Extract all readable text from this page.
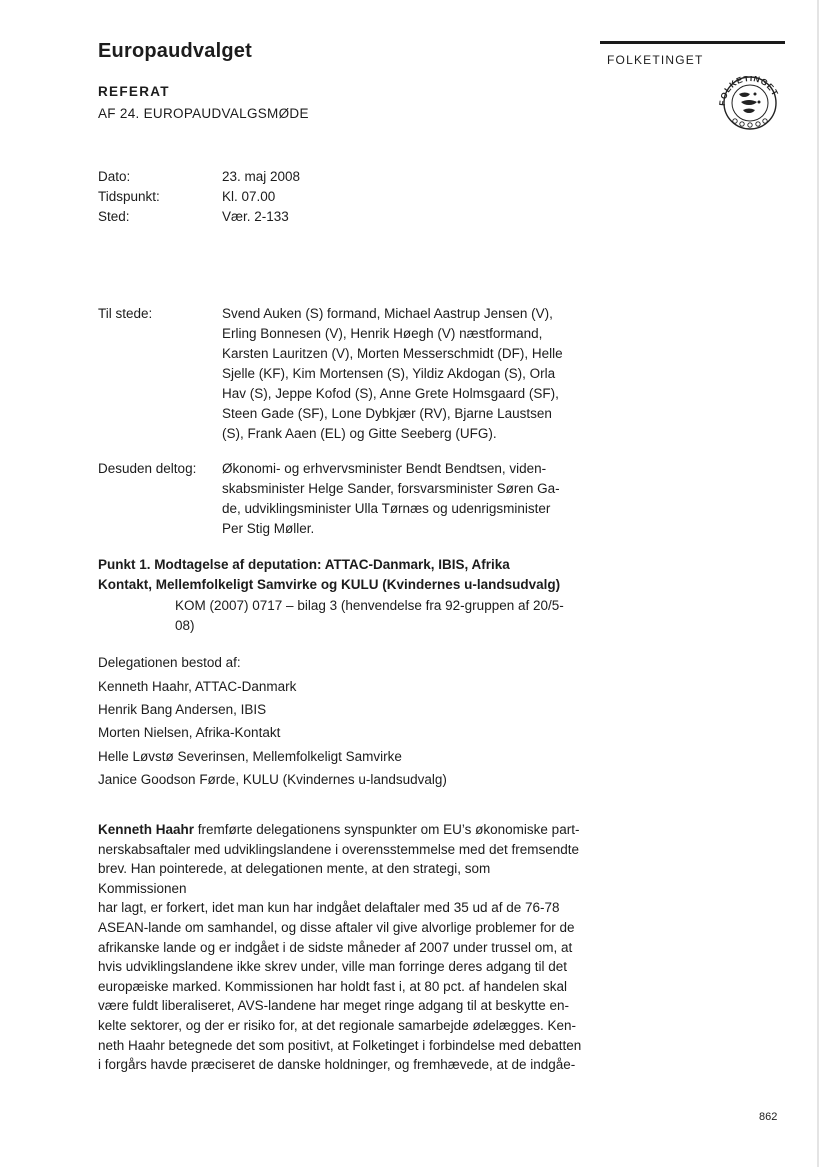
Europaudvalget	FOLKETINGET
FOLKETINGET
REFERAT
AF 24. EUROPAUDVALGSMØDE
Dato:	23. maj 2008
Tidspunkt:	Kl. 07.00
Sted:	Vær. 2-133
Til stede:	Svend Auken (S) formand, Michael Aastrup Jensen (V),
Erling Bonnesen (V), Henrik Høegh (V) næstformand,
Karsten Lauritzen (V), Morten Messerschmidt (DF), Helle
Sjelle (KF), Kim Mortensen (S), Yildiz Akdogan (S), Orla
Hav (S), Jeppe Kofod (S), Anne Grete Holmsgaard (SF),
Steen Gade (SF), Lone Dybkjær (RV), Bjarne Laustsen
(S), Frank Aaen (EL) og Gitte Seeberg (UFG).
Desuden deltog: Økonomi- og erhvervsminister Bendt Bendtsen, viden-
skabsminister Helge Sander, forsvarsminister Søren Ga-
de, udviklingsminister Ulla Tørnæs og udenrigsminister
Per Stig Møller.
Punkt 1. Modtagelse af deputation: ATTAC-Danmark, IBIS, Afrika
Kontakt, Mellemfolkeligt Samvirke og KULU (Kvindernes u-landsudvalg)
KOM (2007) 0717 – bilag 3 (henvendelse fra 92-gruppen af 20/5-
08)
Delegationen bestod af:
Kenneth Haahr, ATTAC-Danmark
Henrik Bang Andersen, IBIS
Morten Nielsen, Afrika-Kontakt
Helle Løvstø Severinsen, Mellemfolkeligt Samvirke
Janice Goodson Førde, KULU (Kvindernes u-landsudvalg)
Kenneth Haahr fremførte delegationens synspunkter om EU’s økonomiske part-
nerskabsaftaler med udviklingslandene i overensstemmelse med det fremsendte
brev. Han pointerede, at delegationen mente, at den strategi, som Kommissionen
har lagt, er forkert, idet man kun har indgået delaftaler med 35 ud af de 76-78
ASEAN-lande om samhandel, og disse aftaler vil give alvorlige problemer for de
afrikanske lande og er indgået i de sidste måneder af 2007 under trussel om, at
hvis udviklingslandene ikke skrev under, ville man forringe deres adgang til det
europæiske marked. Kommissionen har holdt fast i, at 80 pct. af handelen skal
være fuldt liberaliseret, AVS-landene har meget ringe adgang til at beskytte en-
kelte sektorer, og der er risiko for, at det regionale samarbejde ødelægges. Ken-
neth Haahr betegnede det som positivt, at Folketinget i forbindelse med debatten
i forgårs havde præciseret de danske holdninger, og fremhævede, at de indgåe-
862
